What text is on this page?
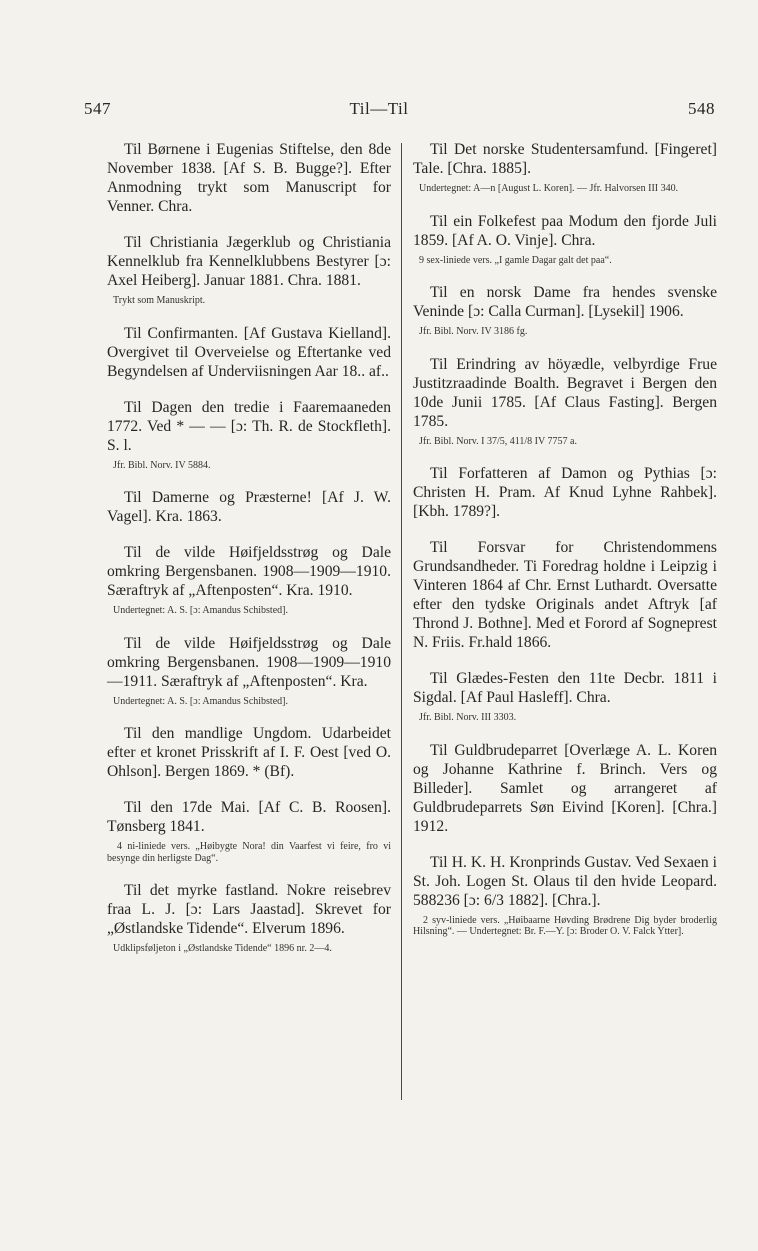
547	Til—Til	548

Til Børnene i Eugenias Stiftelse, den 8de November 1838. [Af S. B. Bugge?]. Efter Anmodning trykt som Manuscript for Venner. Chra.

Til Christiania Jægerklub og Christiania Kennelklub fra Kennelklubbens Bestyrer [ɔ: Axel Heiberg]. Januar 1881. Chra. 1881.

Trykt som Manuskript.

Til Confirmanten. [Af Gustava Kielland]. Overgivet til Overveielse og Eftertanke ved Begyndelsen af Underviisningen Aar 18.. af..

Til Dagen den tredie i Faaremaaneden 1772. Ved * — — [ɔ: Th. R. de Stockfleth]. S. l.

Jfr. Bibl. Norv. IV 5884.

Til Damerne og Præsterne! [Af J. W. Vagel]. Kra. 1863.

Til de vilde Høifjeldsstrøg og Dale omkring Bergensbanen. 1908—1909—1910. Særaftryk af „Aftenposten“. Kra. 1910.

Undertegnet: A. S. [ɔ: Amandus Schibsted].

Til de vilde Høifjeldsstrøg og Dale omkring Bergensbanen. 1908—1909—1910—1911. Særaftryk af „Aftenposten“. Kra.

Undertegnet: A. S. [ɔ: Amandus Schibsted].

Til den mandlige Ungdom. Udarbeidet efter et kronet Prisskrift af I. F. Oest [ved O. Ohlson]. Bergen 1869. * (Bf).

Til den 17de Mai. [Af C. B. Roosen]. Tønsberg 1841.

4 ni-liniede vers. „Høibygte Nora! din Vaarfest vi feire, fro vi besynge din herligste Dag“.

Til det myrke fastland. Nokre reisebrev fraa L. J. [ɔ: Lars Jaastad]. Skrevet for „Østlandske Tidende“. Elverum 1896.

Udklipsføljeton i „Østlandske Tidende“ 1896 nr. 2—4.

Til Det norske Studentersamfund. [Fingeret] Tale. [Chra. 1885].

Undertegnet: A—n [August L. Koren]. — Jfr. Halvorsen III 340.

Til ein Folkefest paa Modum den fjorde Juli 1859. [Af A. O. Vinje]. Chra.

9 sex-liniede vers. „I gamle Dagar galt det paa“.

Til en norsk Dame fra hendes svenske Veninde [ɔ: Calla Curman]. [Lysekil] 1906.

Jfr. Bibl. Norv. IV 3186 fg.

Til Erindring av höyædle, velbyrdige Frue Justitzraadinde Boalth. Begravet i Bergen den 10de Junii 1785. [Af Claus Fasting]. Bergen 1785.

Jfr. Bibl. Norv. I 37/5, 411/8 IV 7757 a.

Til Forfatteren af Damon og Pythias [ɔ: Christen H. Pram. Af Knud Lyhne Rahbek]. [Kbh. 1789?].

Til Forsvar for Christendommens Grundsandheder. Ti Foredrag holdne i Leipzig i Vinteren 1864 af Chr. Ernst Luthardt. Oversatte efter den tydske Originals andet Aftryk [af Thrond J. Bothne]. Med et Forord af Sogneprest N. Friis. Fr.hald 1866.

Til Glædes-Festen den 11te Decbr. 1811 i Sigdal. [Af Paul Hasleff]. Chra.

Jfr. Bibl. Norv. III 3303.

Til Guldbrudeparret [Overlæge A. L. Koren og Johanne Kathrine f. Brinch. Vers og Billeder]. Samlet og arrangeret af Guldbrudeparrets Søn Eivind [Koren]. [Chra.] 1912.

Til H. K. H. Kronprinds Gustav. Ved Sexaen i St. Joh. Logen St. Olaus til den hvide Leopard. 588236 [ɔ: 6/3 1882]. [Chra.].

2 syv-liniede vers. „Høibaarne Høvding Brødrene Dig byder broderlig Hilsning“. — Undertegnet: Br. F.—Y. [ɔ: Broder O. V. Falck Ytter].
